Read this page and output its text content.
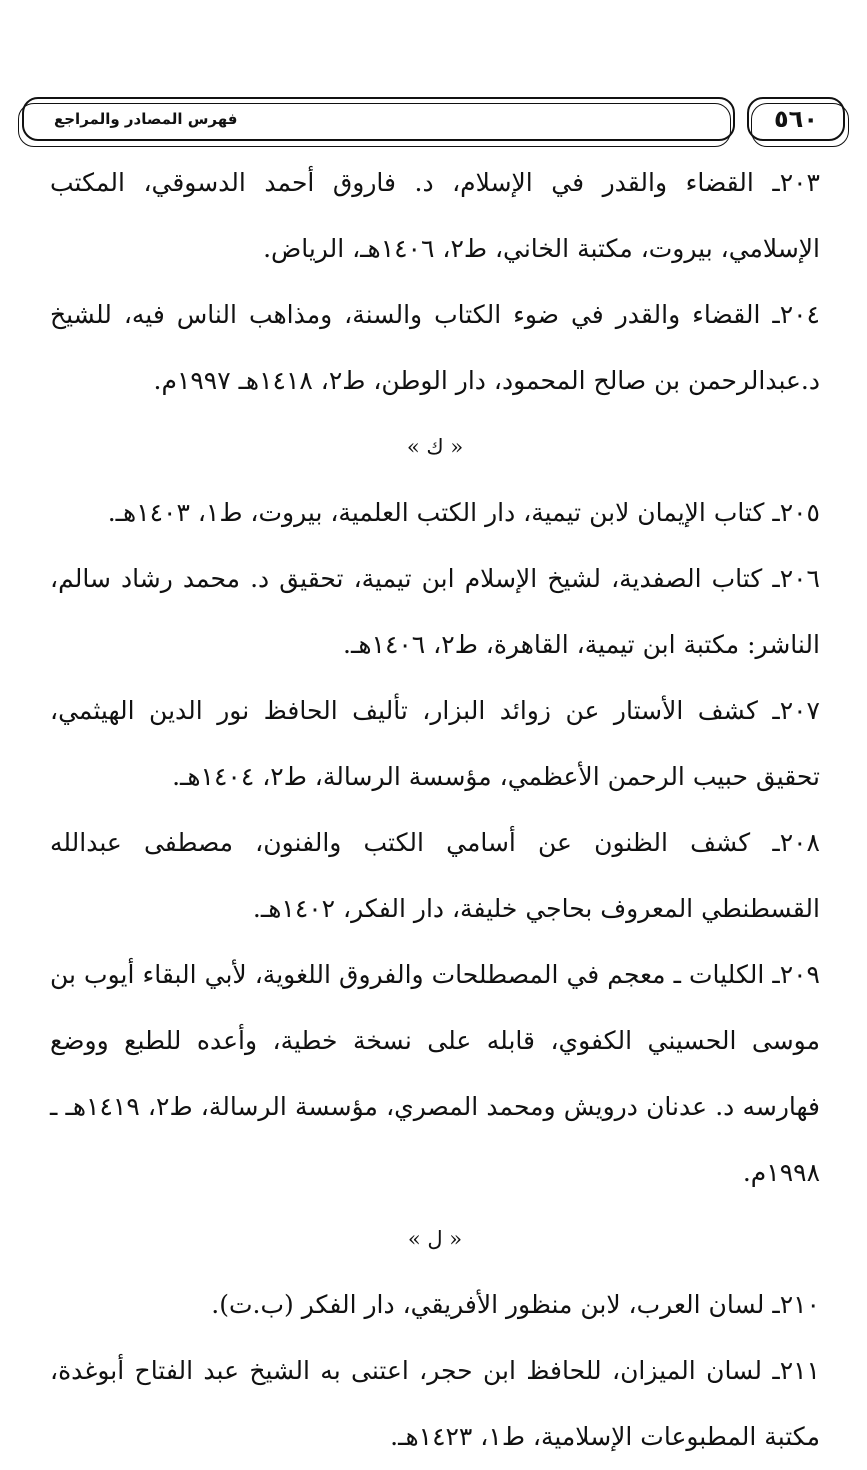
٥٦٠
فهرس المصادر والمراجع

٢٠٣ـ القضاء والقدر في الإسلام، د. فاروق أحمد الدسوقي، المكتب الإسلامي، بيروت، مكتبة الخاني، ط٢، ١٤٠٦هـ، الرياض.

٢٠٤ـ القضاء والقدر في ضوء الكتاب والسنة، ومذاهب الناس فيه، للشيخ د.عبدالرحمن بن صالح المحمود، دار الوطن، ط٢، ١٤١٨هـ ١٩٩٧م.

« ك »

٢٠٥ـ كتاب الإيمان لابن تيمية، دار الكتب العلمية، بيروت، ط١، ١٤٠٣هـ.

٢٠٦ـ كتاب الصفدية، لشيخ الإسلام ابن تيمية، تحقيق د. محمد رشاد سالم، الناشر: مكتبة ابن تيمية، القاهرة، ط٢، ١٤٠٦هـ.

٢٠٧ـ كشف الأستار عن زوائد البزار، تأليف الحافظ نور الدين الهيثمي، تحقيق حبيب الرحمن الأعظمي، مؤسسة الرسالة، ط٢، ١٤٠٤هـ.

٢٠٨ـ كشف الظنون عن أسامي الكتب والفنون، مصطفى عبدالله القسطنطي المعروف بحاجي خليفة، دار الفكر، ١٤٠٢هـ.

٢٠٩ـ الكليات ـ معجم في المصطلحات والفروق اللغوية، لأبي البقاء أيوب بن موسى الحسيني الكفوي، قابله على نسخة خطية، وأعده للطبع ووضع فهارسه د. عدنان درويش ومحمد المصري، مؤسسة الرسالة، ط٢، ١٤١٩هـ ـ ١٩٩٨م.

« ل »

٢١٠ـ لسان العرب، لابن منظور الأفريقي، دار الفكر (ب.ت).

٢١١ـ لسان الميزان، للحافظ ابن حجر، اعتنى به الشيخ عبد الفتاح أبوغدة، مكتبة المطبوعات الإسلامية، ط١، ١٤٢٣هـ.
